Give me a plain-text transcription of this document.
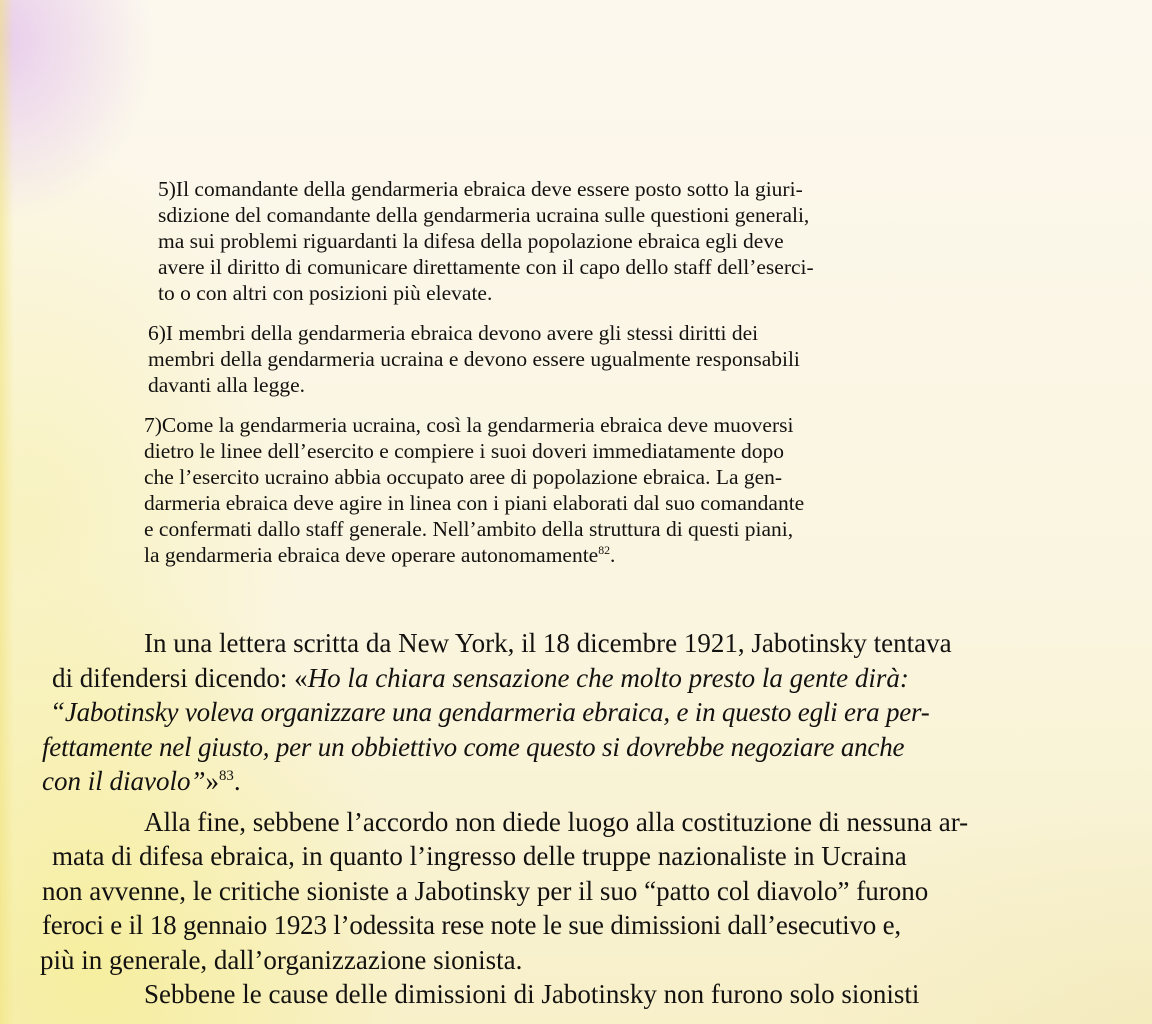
5)Il comandante della gendarmeria ebraica deve essere posto sotto la giuri-
sdizione del comandante della gendarmeria ucraina sulle questioni generali,
ma sui problemi riguardanti la difesa della popolazione ebraica egli deve
avere il diritto di comunicare direttamente con il capo dello staff dell’eserci-
to o con altri con posizioni più elevate.

6)I membri della gendarmeria ebraica devono avere gli stessi diritti dei
membri della gendarmeria ucraina e devono essere ugualmente responsabili
davanti alla legge.

7)Come la gendarmeria ucraina, così la gendarmeria ebraica deve muoversi
dietro le linee dell’esercito e compiere i suoi doveri immediatamente dopo
che l’esercito ucraino abbia occupato aree di popolazione ebraica. La gen-
darmeria ebraica deve agire in linea con i piani elaborati dal suo comandante
e confermati dallo staff generale. Nell’ambito della struttura di questi piani,
la gendarmeria ebraica deve operare autonomamente$^{82}$.

In una lettera scritta da New York, il 18 dicembre 1921, Jabotinsky tentava
di difendersi dicendo: «Ho la chiara sensazione che molto presto la gente dirà:
“Jabotinsky voleva organizzare una gendarmeria ebraica, e in questo egli era per-
fettamente nel giusto, per un obbiettivo come questo si dovrebbe negoziare anche
con il diavolo”»$^{83}$.
Alla fine, sebbene l’accordo non diede luogo alla costituzione di nessuna ar-
mata di difesa ebraica, in quanto l’ingresso delle truppe nazionaliste in Ucraina
non avvenne, le critiche sioniste a Jabotinsky per il suo “patto col diavolo” furono
feroci e il 18 gennaio 1923 l’odessita rese note le sue dimissioni dall’esecutivo e,
più in generale, dall’organizzazione sionista.
Sebbene le cause delle dimissioni di Jabotinsky non furono solo sionisti
